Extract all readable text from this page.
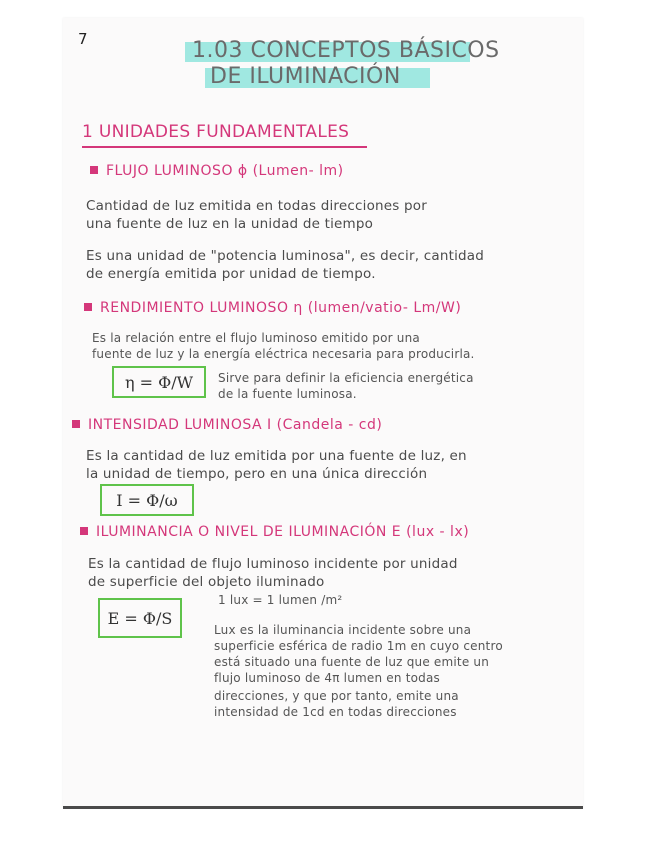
7	1.03 CONCEPTOS BÁSICOS
DE ILUMINACIÓN
1 UNIDADES FUNDAMENTALES
FLUJO LUMINOSO ϕ (Lumen- lm)
Cantidad de luz emitida en todas direcciones por
una fuente de luz en la unidad de tiempo
Es una unidad de "potencia luminosa", es decir, cantidad
de energía emitida por unidad de tiempo.
RENDIMIENTO LUMINOSO η (lumen/vatio- Lm/W)
Es la relación entre el flujo luminoso emitido por una
fuente de luz y la energía eléctrica necesaria para producirla.
η = Φ/W Sirve para definir la eficiencia energética
de la fuente luminosa.
INTENSIDAD LUMINOSA I (Candela - cd)
Es la cantidad de luz emitida por una fuente de luz, en
la unidad de tiempo, pero en una única dirección
I = Φ/ω
ILUMINANCIA O NIVEL DE ILUMINACIÓN E (lux - lx)
Es la cantidad de flujo luminoso incidente por unidad
de superficie del objeto iluminado
E = Φ/S
1 lux = 1 lumen /m²
Lux es la iluminancia incidente sobre una
superficie esférica de radio 1m en cuyo centro
está situado una fuente de luz que emite un
flujo luminoso de 4π lumen en todas
direcciones, y que por tanto, emite una
intensidad de 1cd en todas direcciones
